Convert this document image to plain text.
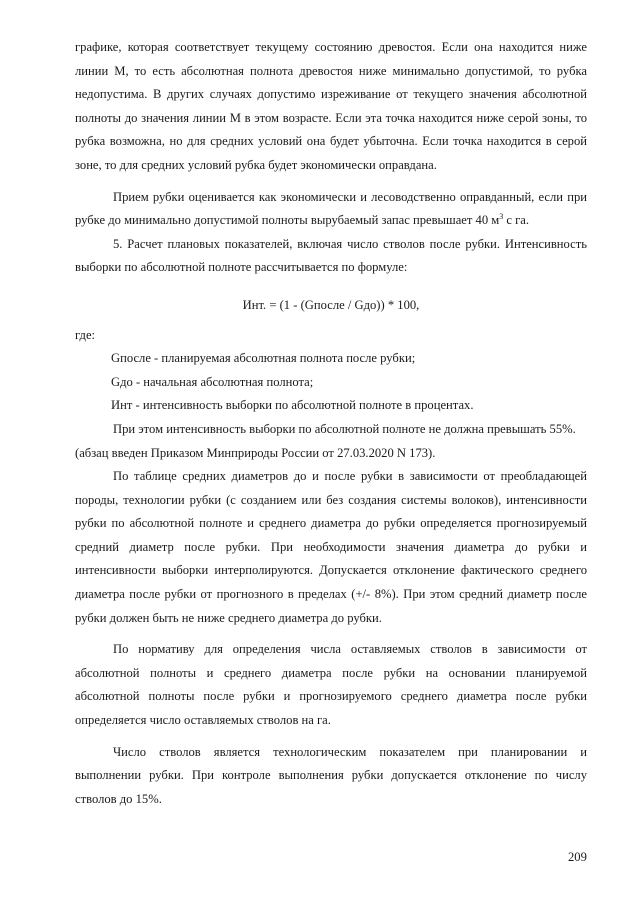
графике, которая соответствует текущему состоянию древостоя. Если она находится ниже линии М, то есть абсолютная полнота древостоя ниже минимально допустимой, то рубка недопустима. В других случаях допустимо изреживание от текущего значения абсолютной полноты до значения линии М в этом возрасте. Если эта точка находится ниже серой зоны, то рубка возможна, но для средних условий она будет убыточна. Если точка находится в серой зоне, то для средних условий рубка будет экономически оправдана.

Прием рубки оценивается как экономически и лесоводственно оправданный, если при рубке до минимально допустимой полноты вырубаемый запас превышает 40 $м^3$ с га.

5. Расчет плановых показателей, включая число стволов после рубки. Интенсивность выборки по абсолютной полноте рассчитывается по формуле:

Инт. = (1 - (Gпосле / Gдо)) * 100,
где:
Gпосле - планируемая абсолютная полнота после рубки;
Gдо - начальная абсолютная полнота;
Инт - интенсивность выборки по абсолютной полноте в процентах.

При этом интенсивность выборки по абсолютной полноте не должна превышать 55%.

(абзац введен Приказом Минприроды России от 27.03.2020 N 173).

По таблице средних диаметров до и после рубки в зависимости от преобладающей породы, технологии рубки (с созданием или без создания системы волоков), интенсивности рубки по абсолютной полноте и среднего диаметра до рубки определяется прогнозируемый средний диаметр после рубки. При необходимости значения диаметра до рубки и интенсивности выборки интерполируются. Допускается отклонение фактического среднего диаметра после рубки от прогнозного в пределах (+/- 8%). При этом средний диаметр после рубки должен быть не ниже среднего диаметра до рубки.

По нормативу для определения числа оставляемых стволов в зависимости от абсолютной полноты и среднего диаметра после рубки на основании планируемой абсолютной полноты после рубки и прогнозируемого среднего диаметра после рубки определяется число оставляемых стволов на га.

Число стволов является технологическим показателем при планировании и выполнении рубки. При контроле выполнения рубки допускается отклонение по числу стволов до 15%.

209
